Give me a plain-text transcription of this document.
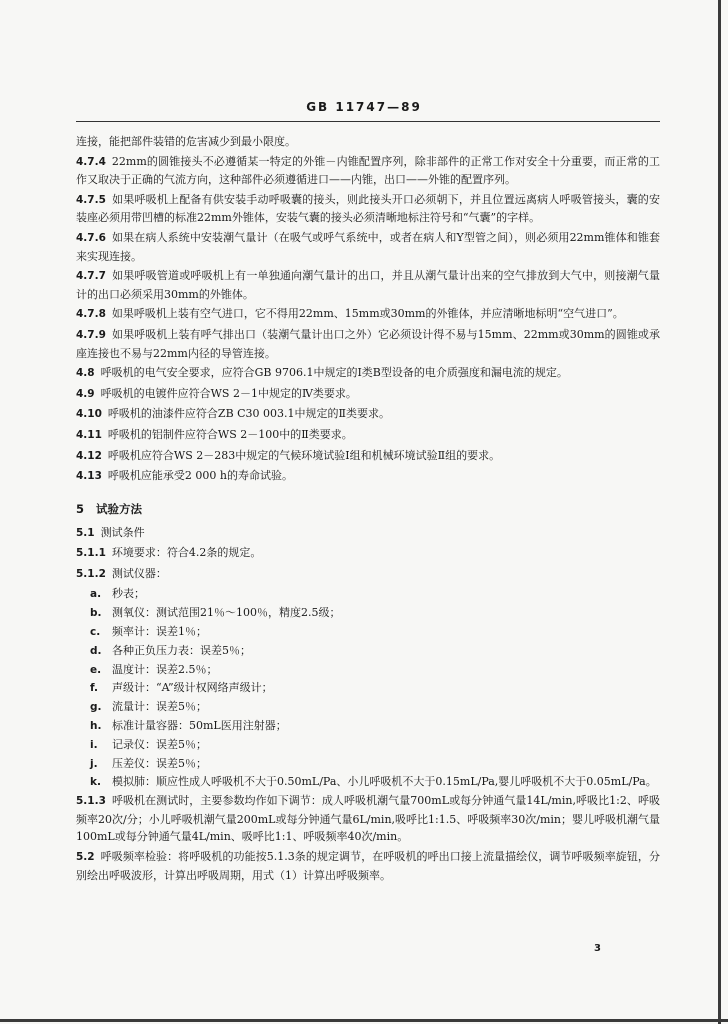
GB 11747—89

连接，能把部件装错的危害减少到最小限度。

4.7.4 22mm的圆锥接头不必遵循某一特定的外锥－内锥配置序列，除非部件的正常工作对安全十分重要，而正常的工作又取决于正确的气流方向，这种部件必须遵循进口——内锥，出口——外锥的配置序列。

4.7.5 如果呼吸机上配备有供安装手动呼吸囊的接头，则此接头开口必须朝下，并且位置远离病人呼吸管接头，囊的安装座必须用带凹槽的标准22mm外锥体，安装气囊的接头必须清晰地标注符号和“气囊”的字样。

4.7.6 如果在病人系统中安装潮气量计（在吸气或呼气系统中，或者在病人和Y型管之间），则必须用22mm锥体和锥套来实现连接。

4.7.7 如果呼吸管道或呼吸机上有一单独通向潮气量计的出口，并且从潮气量计出来的空气排放到大气中，则接潮气量计的出口必须采用30mm的外锥体。

4.7.8 如果呼吸机上装有空气进口，它不得用22mm、15mm或30mm的外锥体，并应清晰地标明“空气进口”。

4.7.9 如果呼吸机上装有呼气排出口（装潮气量计出口之外）它必须设计得不易与15mm、22mm或30mm的圆锥或承座连接也不易与22mm内径的导管连接。

4.8 呼吸机的电气安全要求，应符合GB 9706.1中规定的Ⅰ类B型设备的电介质强度和漏电流的规定。

4.9 呼吸机的电镀件应符合WS 2－1中规定的Ⅳ类要求。

4.10 呼吸机的油漆件应符合ZB C30 003.1中规定的Ⅱ类要求。

4.11 呼吸机的铝制件应符合WS 2－100中的Ⅱ类要求。

4.12 呼吸机应符合WS 2－283中规定的气候环境试验Ⅰ组和机械环境试验Ⅱ组的要求。

4.13 呼吸机应能承受2 000 h的寿命试验。

5 试验方法

5.1 测试条件

5.1.1 环境要求：符合4.2条的规定。

5.1.2 测试仪器：

a. 秒表；
b. 测氧仪：测试范围21％～100％，精度2.5级；
c. 频率计：误差1％；
d. 各种正负压力表：误差5％；
e. 温度计：误差2.5％；
f. 声级计：“A”级计权网络声级计；
g. 流量计：误差5％；
h. 标准计量容器：50mL医用注射器；
i. 记录仪：误差5％；
j. 压差仪：误差5％；
k. 模拟肺：顺应性成人呼吸机不大于0.50mL/Pa、小儿呼吸机不大于0.15mL/Pa,婴儿呼吸机不大于0.05mL/Pa。

5.1.3 呼吸机在测试时，主要参数均作如下调节：成人呼吸机潮气量700mL或每分钟通气量14L/min,呼吸比1:2、呼吸频率20次/分；小儿呼吸机潮气量200mL或每分钟通气量6L/min,吸呼比1:1.5、呼吸频率30次/min；婴儿呼吸机潮气量100mL或每分钟通气量4L/min、吸呼比1:1、呼吸频率40次/min。

5.2 呼吸频率检验：将呼吸机的功能按5.1.3条的规定调节，在呼吸机的呼出口接上流量描绘仪，调节呼吸频率旋钮，分别绘出呼吸波形，计算出呼吸周期，用式（1）计算出呼吸频率。

3
